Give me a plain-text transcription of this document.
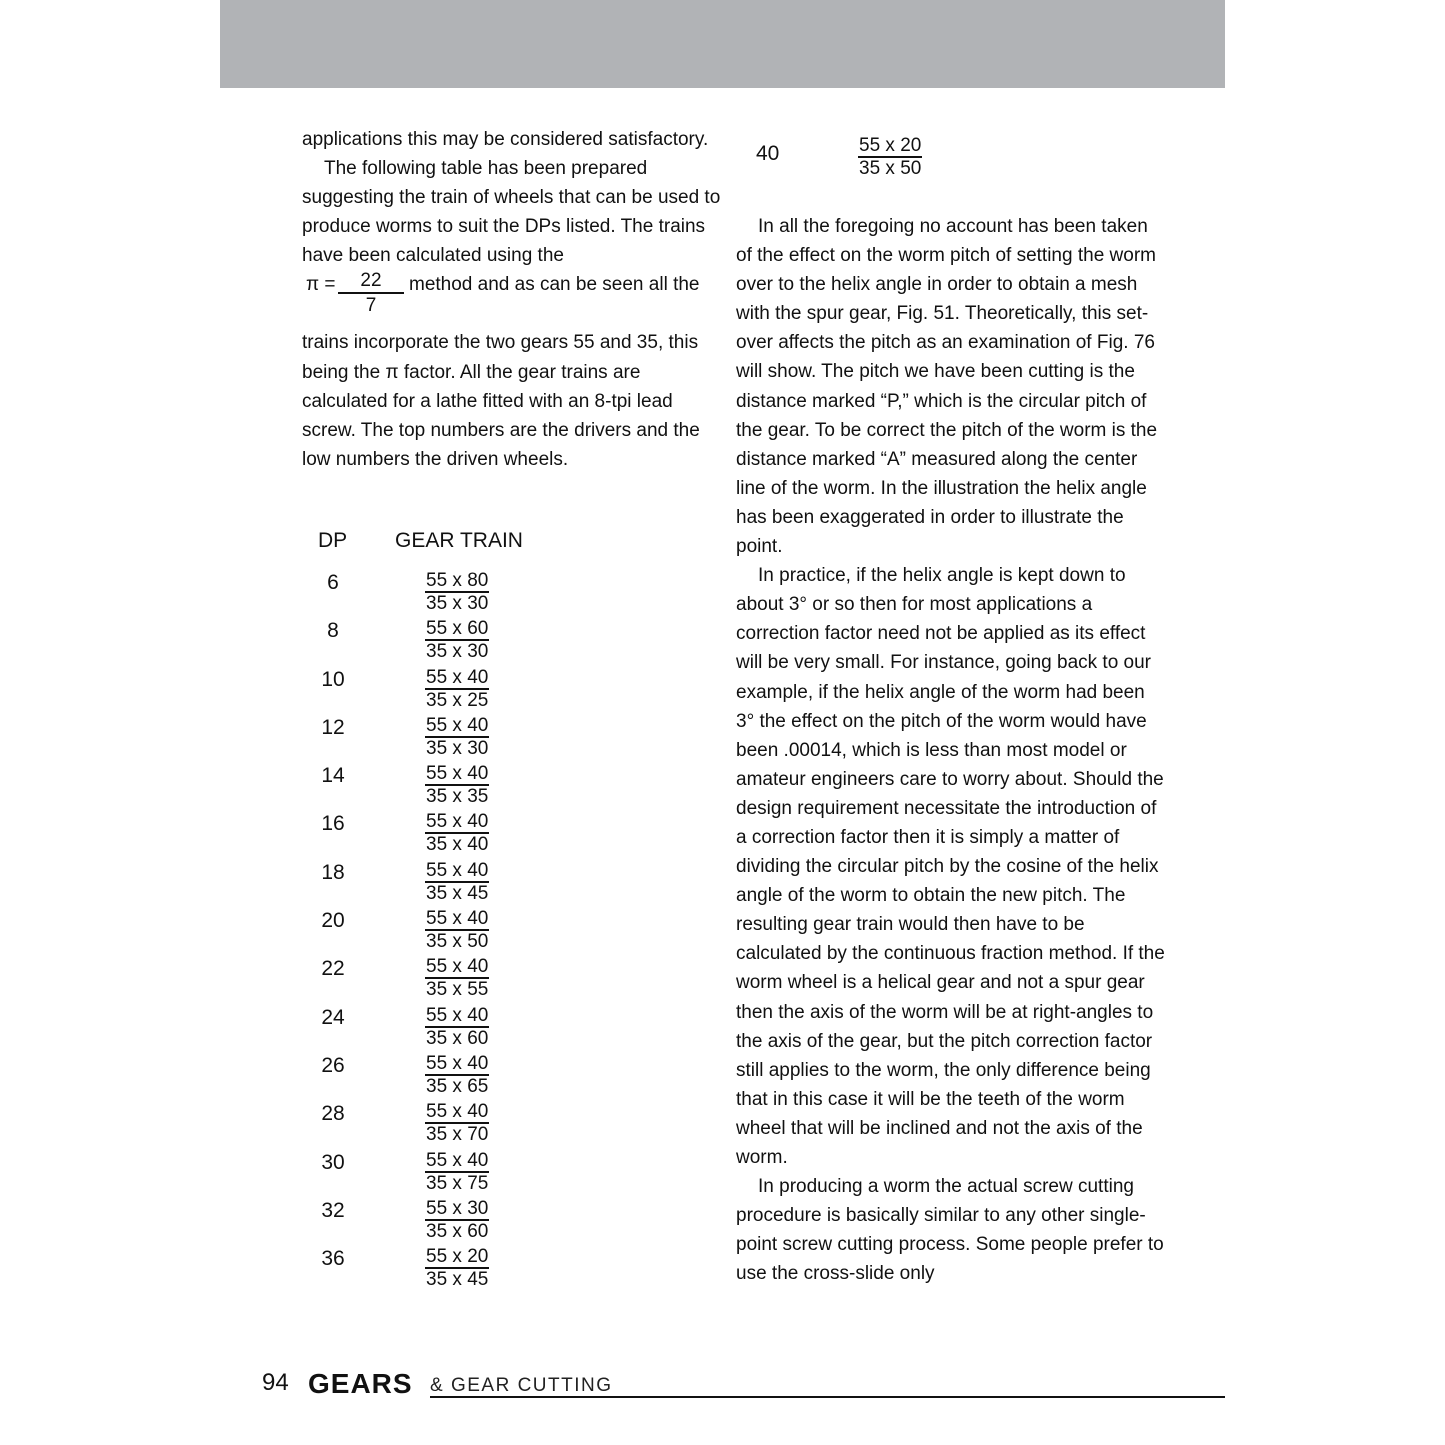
applications this may be considered satisfactory.

The following table has been prepared suggesting the train of wheels that can be used to produce worms to suit the DPs listed. The trains have been calculated using the

$\pi = \frac{22}{7}$ method and as can be seen all the

trains incorporate the two gears 55 and 35, this being the π factor. All the gear trains are calculated for a lathe fitted with an 8-tpi lead screw. The top numbers are the drivers and the low numbers the driven wheels.

DP GEAR TRAIN
6	$\frac{55 x 80}{35 x 30}$
8	$\frac{55 x 60}{35 x 30}$
10	$\frac{55 x 40}{35 x 25}$
12	$\frac{55 x 40}{35 x 30}$
14	$\frac{55 x 40}{35 x 35}$
16	$\frac{55 x 40}{35 x 40}$
18	$\frac{55 x 40}{35 x 45}$
20	$\frac{55 x 40}{35 x 50}$
22	$\frac{55 x 40}{35 x 55}$
24	$\frac{55 x 40}{35 x 60}$
26	$\frac{55 x 40}{35 x 65}$
28	$\frac{55 x 40}{35 x 70}$
30	$\frac{55 x 40}{35 x 75}$
32	$\frac{55 x 30}{35 x 60}$
36	$\frac{55 x 20}{35 x 45}$
40	$\frac{55 x 20}{35 x 50}$

In all the foregoing no account has been taken of the effect on the worm pitch of setting the worm over to the helix angle in order to obtain a mesh with the spur gear, Fig. 51. Theoretically, this set-over affects the pitch as an examination of Fig. 76 will show. The pitch we have been cutting is the distance marked “P,” which is the circular pitch of the gear. To be correct the pitch of the worm is the distance marked “A” measured along the center line of the worm. In the illustration the helix angle has been exaggerated in order to illustrate the point.

In practice, if the helix angle is kept down to about 3° or so then for most applications a correction factor need not be applied as its effect will be very small. For instance, going back to our example, if the helix angle of the worm had been 3° the effect on the pitch of the worm would have been .00014, which is less than most model or amateur engineers care to worry about. Should the design requirement necessitate the introduction of a correction factor then it is simply a matter of dividing the circular pitch by the cosine of the helix angle of the worm to obtain the new pitch. The resulting gear train would then have to be calculated by the continuous fraction method. If the worm wheel is a helical gear and not a spur gear then the axis of the worm will be at right-angles to the axis of the gear, but the pitch correction factor still applies to the worm, the only difference being that in this case it will be the teeth of the worm wheel that will be inclined and not the axis of the worm.

In producing a worm the actual screw cutting procedure is basically similar to any other single-point screw cutting process. Some people prefer to use the cross-slide only

94 GEARS & GEAR CUTTING
